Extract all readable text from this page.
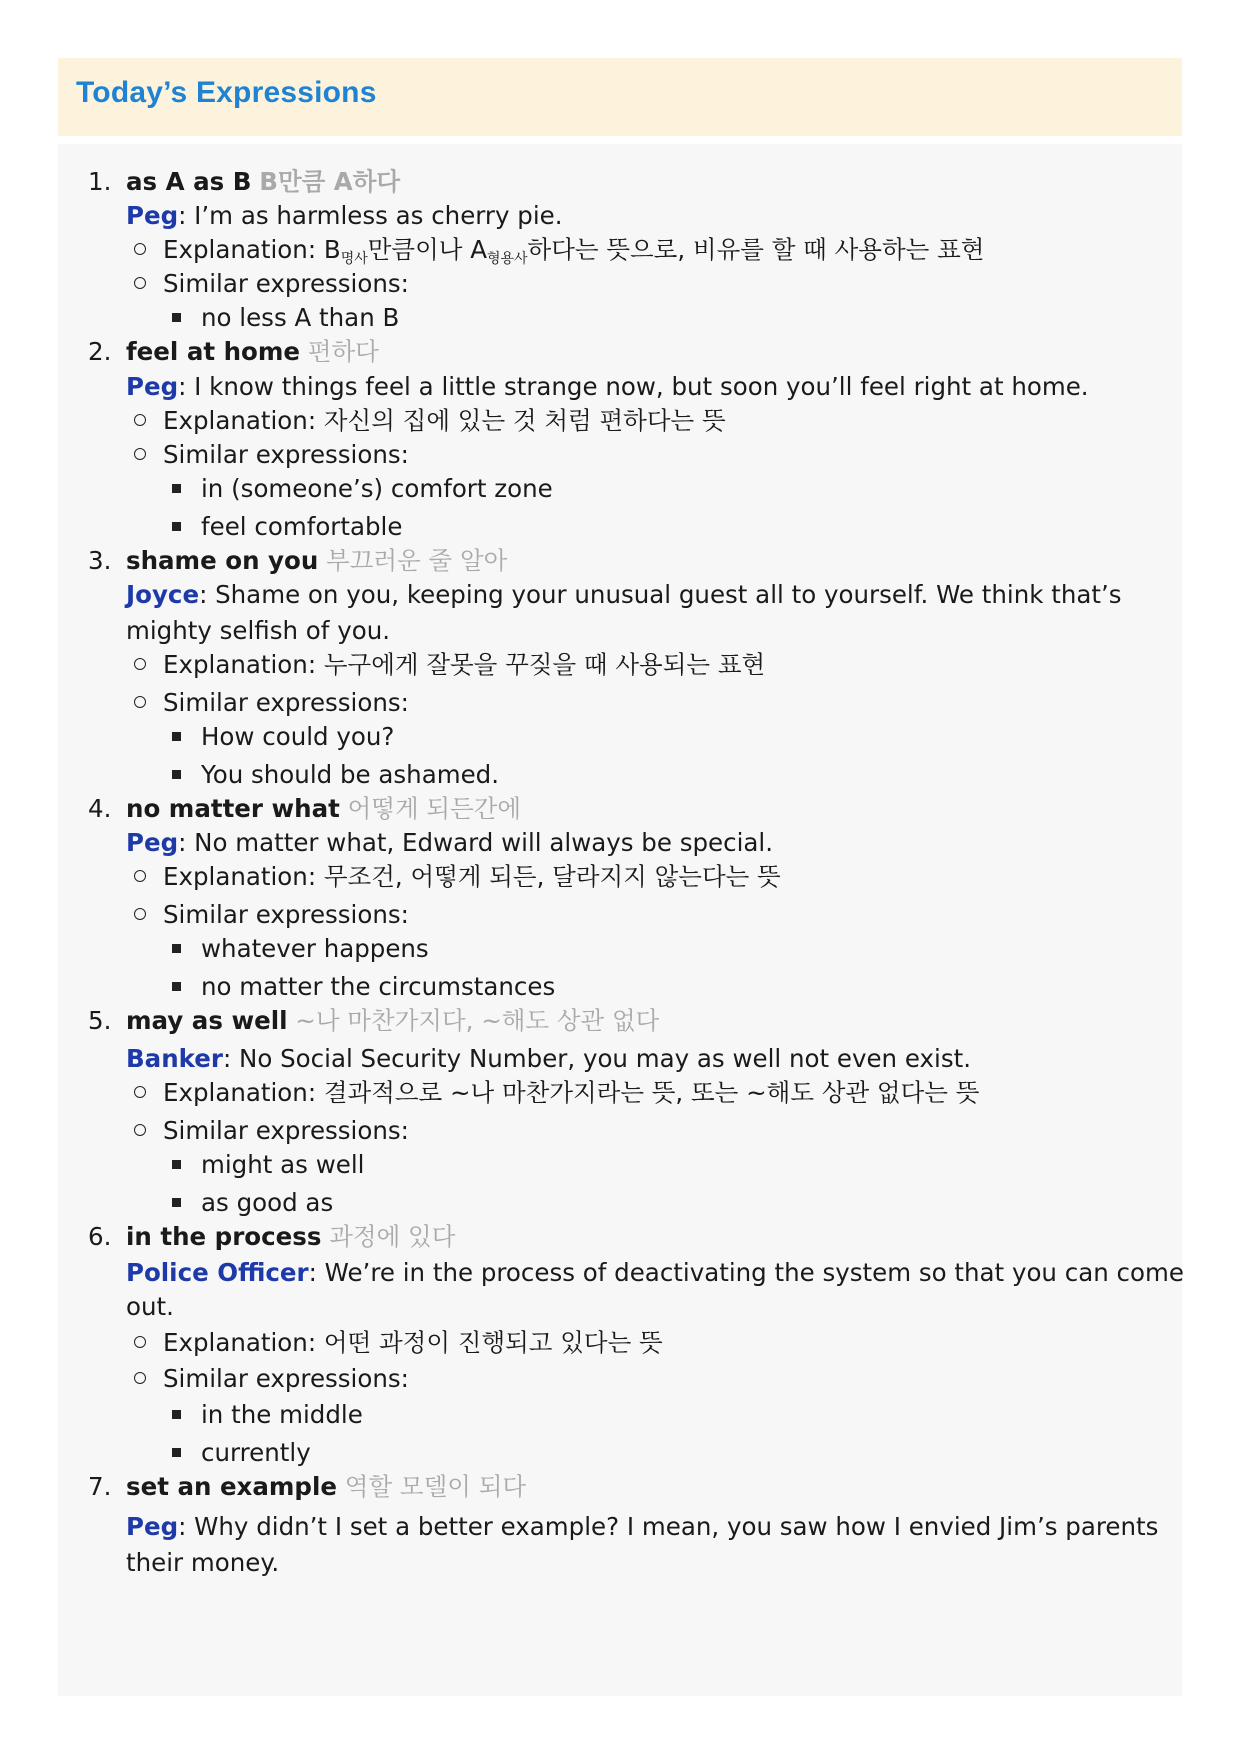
Today’s Expressions
1. as A as B B만큼 A하다
Peg: I’m as harmless as cherry pie.
Explanation: $B_{명사}$만큼이나 $A_{형용사}$하다는 뜻으로, 비유를 할 때 사용하는 표현
Similar expressions:
no less A than B
2. feel at home 편하다
Peg: I know things feel a little strange now, but soon you’ll feel right at home.
Explanation: 자신의 집에 있는 것 처럼 편하다는 뜻
Similar expressions:
in (someone’s) comfort zone
feel comfortable
3. shame on you 부끄러운 줄 알아
Joyce: Shame on you, keeping your unusual guest all to yourself. We think that’s
mighty selfish of you.
Explanation: 누구에게 잘못을 꾸짖을 때 사용되는 표현
Similar expressions:
How could you?
You should be ashamed.
4. no matter what 어떻게 되든간에
Peg: No matter what, Edward will always be special.
Explanation: 무조건, 어떻게 되든, 달라지지 않는다는 뜻
Similar expressions:
whatever happens
no matter the circumstances
5. may as well ~나 마찬가지다, ~해도 상관 없다
Banker: No Social Security Number, you may as well not even exist.
Explanation: 결과적으로 ~나 마찬가지라는 뜻, 또는 ~해도 상관 없다는 뜻
Similar expressions:
might as well
as good as
6. in the process 과정에 있다
Police Officer: We’re in the process of deactivating the system so that you can come
out.
Explanation: 어떤 과정이 진행되고 있다는 뜻
Similar expressions:
in the middle
currently
7. set an example 역할 모델이 되다
Peg: Why didn’t I set a better example? I mean, you saw how I envied Jim’s parents
their money.
